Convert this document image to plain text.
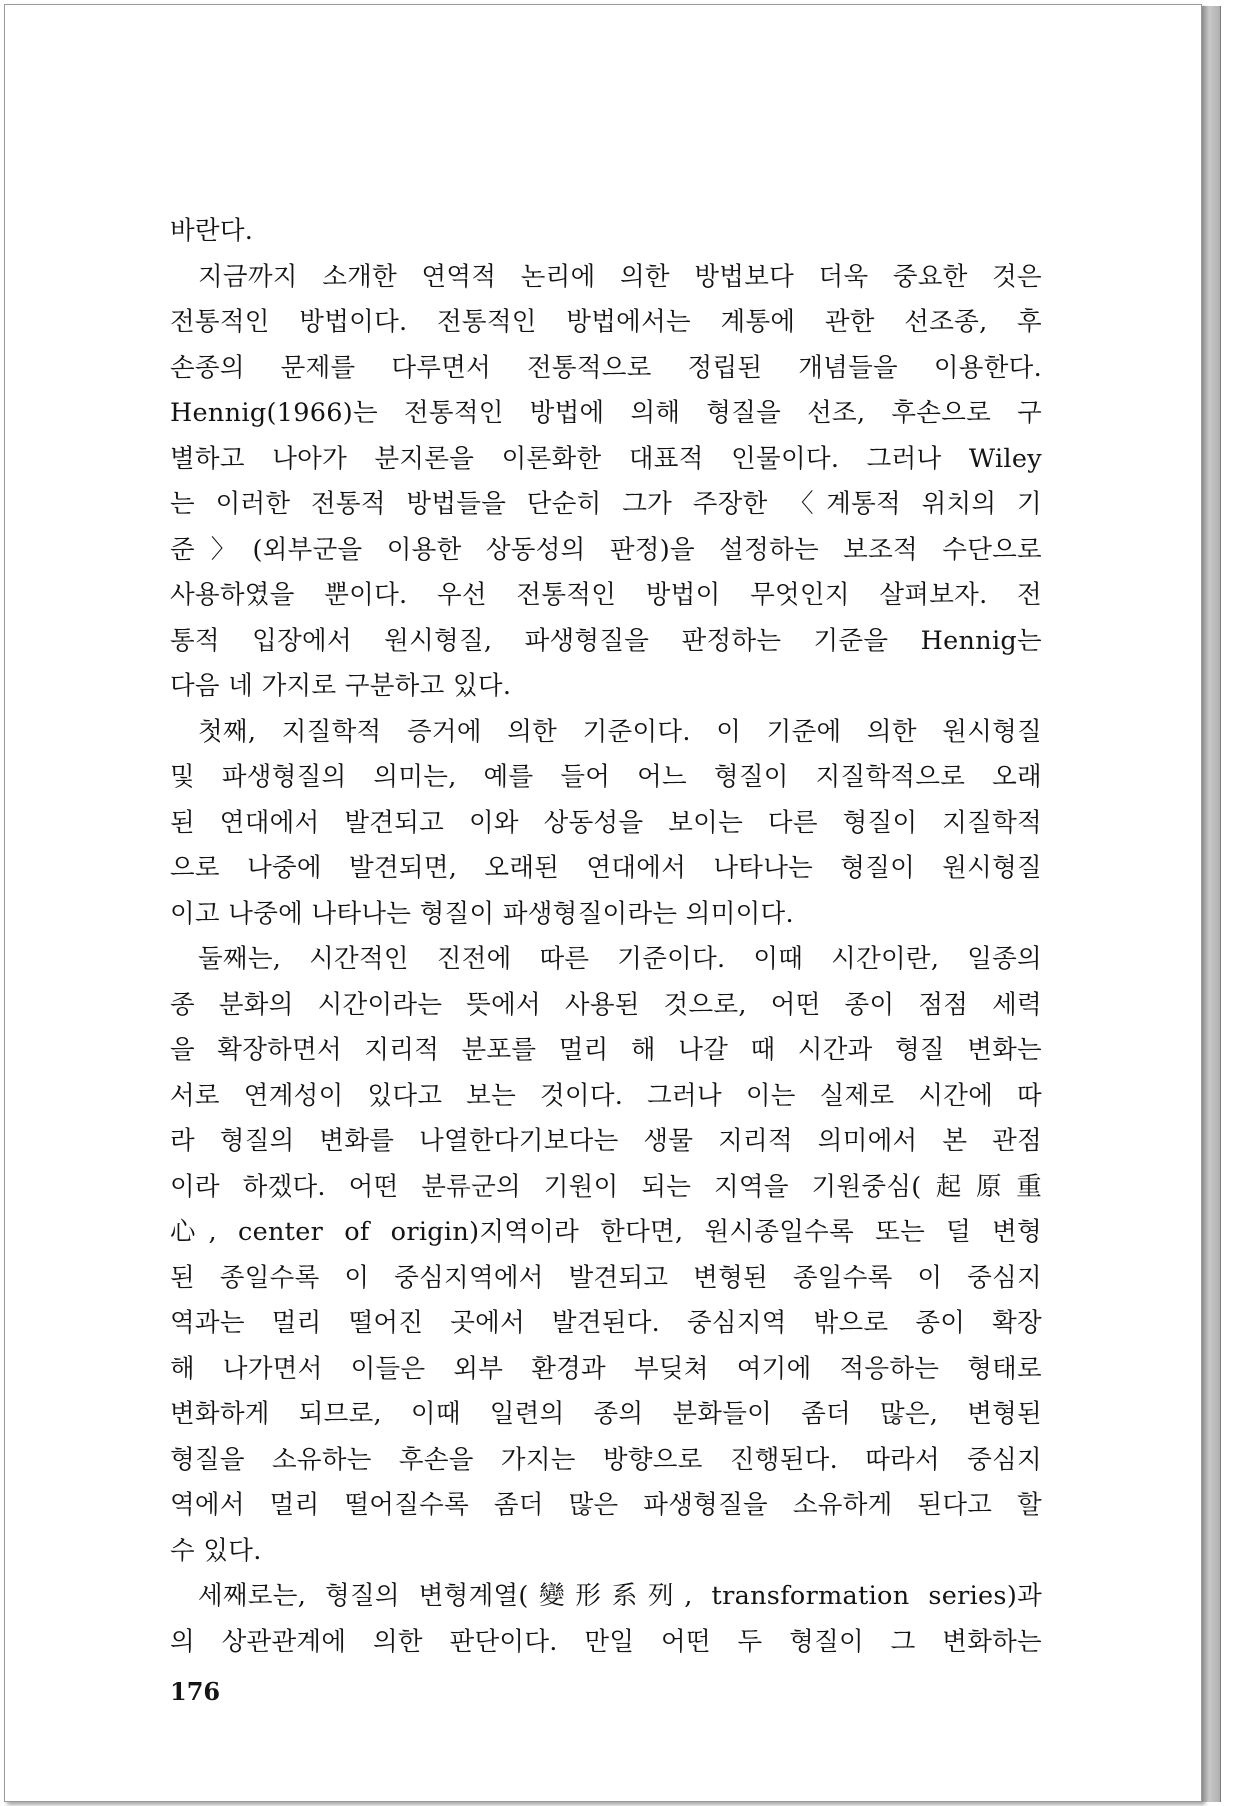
바란다.
지금까지 소개한 연역적 논리에 의한 방법보다 더욱 중요한 것은
전통적인 방법이다. 전통적인 방법에서는 계통에 관한 선조종, 후
손종의 문제를 다루면서 전통적으로 정립된 개념들을 이용한다.
Hennig(1966)는 전통적인 방법에 의해 형질을 선조, 후손으로 구
별하고 나아가 분지론을 이론화한 대표적 인물이다. 그러나 Wiley
는 이러한 전통적 방법들을 단순히 그가 주장한 〈계통적 위치의 기
준〉(외부군을 이용한 상동성의 판정)을 설정하는 보조적 수단으로
사용하였을 뿐이다. 우선 전통적인 방법이 무엇인지 살펴보자. 전
통적 입장에서 원시형질, 파생형질을 판정하는 기준을 Hennig는
다음 네 가지로 구분하고 있다.
첫째, 지질학적 증거에 의한 기준이다. 이 기준에 의한 원시형질
및 파생형질의 의미는, 예를 들어 어느 형질이 지질학적으로 오래
된 연대에서 발견되고 이와 상동성을 보이는 다른 형질이 지질학적
으로 나중에 발견되면, 오래된 연대에서 나타나는 형질이 원시형질
이고 나중에 나타나는 형질이 파생형질이라는 의미이다.
둘째는, 시간적인 진전에 따른 기준이다. 이때 시간이란, 일종의
종 분화의 시간이라는 뜻에서 사용된 것으로, 어떤 종이 점점 세력
을 확장하면서 지리적 분포를 멀리 해 나갈 때 시간과 형질 변화는
서로 연계성이 있다고 보는 것이다. 그러나 이는 실제로 시간에 따
라 형질의 변화를 나열한다기보다는 생물 지리적 의미에서 본 관점
이라 하겠다. 어떤 분류군의 기원이 되는 지역을 기원중심(起原重
心, center of origin)지역이라 한다면, 원시종일수록 또는 덜 변형
된 종일수록 이 중심지역에서 발견되고 변형된 종일수록 이 중심지
역과는 멀리 떨어진 곳에서 발견된다. 중심지역 밖으로 종이 확장
해 나가면서 이들은 외부 환경과 부딪쳐 여기에 적응하는 형태로
변화하게 되므로, 이때 일련의 종의 분화들이 좀더 많은, 변형된
형질을 소유하는 후손을 가지는 방향으로 진행된다. 따라서 중심지
역에서 멀리 떨어질수록 좀더 많은 파생형질을 소유하게 된다고 할
수 있다.
세째로는, 형질의 변형계열(變形系列, transformation series)과
의 상관관계에 의한 판단이다. 만일 어떤 두 형질이 그 변화하는
176
